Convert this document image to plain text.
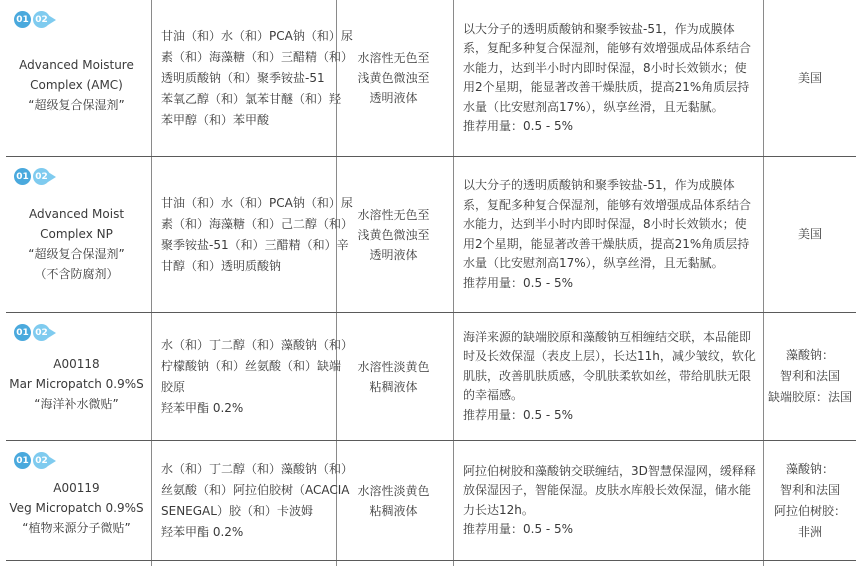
01 02
Advanced Moisture
Complex (AMC)
“超级复合保湿剂”
甘油（和）水（和）PCA钠（和）尿
素（和）海藻糖（和）三醋精（和）
透明质酸钠（和）聚季铵盐-51
苯氧乙醇（和）氯苯甘醚（和）羟
苯甲醇（和）苯甲酸
水溶性无色至
浅黄色微浊至
透明液体
以大分子的透明质酸钠和聚季铵盐-51，作为成膜体系，复配多种复合保湿剂，能够有效增强成品体系结合水能力，达到半小时内即时保湿，8小时长效锁水；使用2个星期，能显著改善干燥肤质，提高21%角质层持水量（比安慰剂高17%），纵享丝滑，且无黏腻。
推荐用量：0.5 - 5%
美国
01 02
Advanced Moist
Complex NP
“超级复合保湿剂”
（不含防腐剂）
甘油（和）水（和）PCA钠（和）尿
素（和）海藻糖（和）己二醇（和）
聚季铵盐-51（和）三醋精（和）辛
甘醇（和）透明质酸钠
水溶性无色至
浅黄色微浊至
透明液体
以大分子的透明质酸钠和聚季铵盐-51，作为成膜体系，复配多种复合保湿剂，能够有效增强成品体系结合水能力，达到半小时内即时保湿，8小时长效锁水；使用2个星期，能显著改善干燥肤质，提高21%角质层持水量（比安慰剂高17%），纵享丝滑，且无黏腻。
推荐用量：0.5 - 5%
美国
01 02
A00118
Mar Micropatch 0.9%S
“海洋补水微贴”
水（和）丁二醇（和）藻酸钠（和）
柠檬酸钠（和）丝氨酸（和）缺端
胶原
羟苯甲酯 0.2%
水溶性淡黄色
粘稠液体
海洋来源的缺端胶原和藻酸钠互相缠结交联，本品能即时及长效保湿（表皮上层），长达11h，减少皱纹，软化肌肤，改善肌肤质感，令肌肤柔软如丝，带给肌肤无限的幸福感。
推荐用量：0.5 - 5%
藻酸钠：
智利和法国
缺端胶原：法国
01 02
A00119
Veg Micropatch 0.9%S
“植物来源分子微贴”
水（和）丁二醇（和）藻酸钠（和）
丝氨酸（和）阿拉伯胶树（ACACIA
SENEGAL）胶（和）卡波姆
羟苯甲酯 0.2%
水溶性淡黄色
粘稠液体
阿拉伯树胶和藻酸钠交联缠结，3D智慧保湿网，缓释释放保湿因子，智能保湿。皮肤水库般长效保湿，储水能力长达12h。
推荐用量：0.5 - 5%
藻酸钠：
智利和法国
阿拉伯树胶：
非洲
